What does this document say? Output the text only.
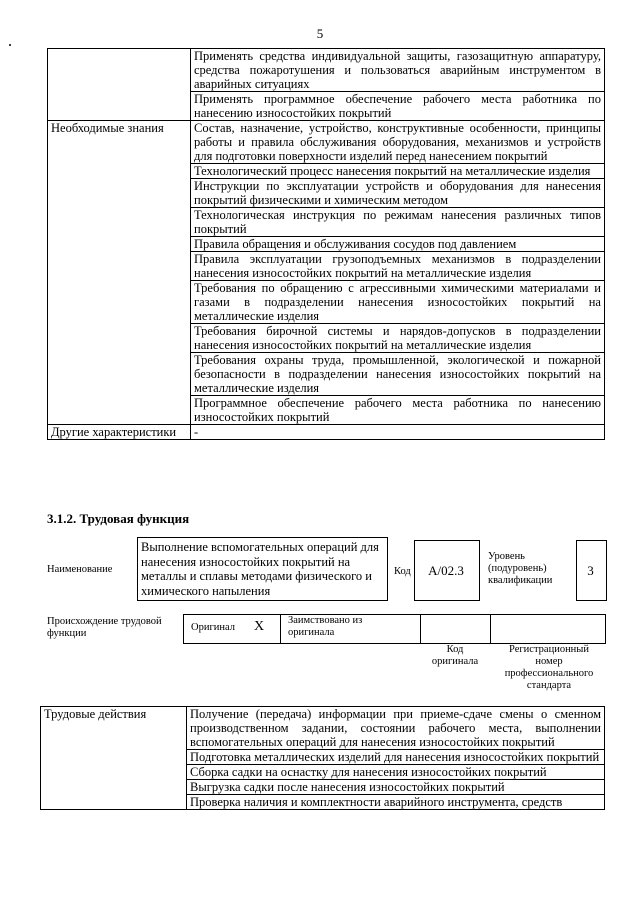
5
	Применять средства индивидуальной защиты, газозащитную аппаратуру, средства пожаротушения и пользоваться аварийным инструментом в аварийных ситуациях
	Применять программное обеспечение рабочего места работника по нанесению износостойких покрытий
Необходимые знания	Состав, назначение, устройство, конструктивные особенности, принципы работы и правила обслуживания оборудования, механизмов и устройств для подготовки поверхности изделий перед нанесением покрытий
	Технологический процесс нанесения покрытий на металлические изделия
	Инструкции по эксплуатации устройств и оборудования для нанесения покрытий физическими и химическим методом
	Технологическая инструкция по режимам нанесения различных типов покрытий
	Правила обращения и обслуживания сосудов под давлением
	Правила эксплуатации грузоподъемных механизмов в подразделении нанесения износостойких покрытий на металлические изделия
	Требования по обращению с агрессивными химическими материалами и газами в подразделении нанесения износостойких покрытий на металлические изделия
	Требования бирочной системы и нарядов-допусков в подразделении нанесения износостойких покрытий на металлические изделия
	Требования охраны труда, промышленной, экологической и пожарной безопасности в подразделении нанесения износостойких покрытий на металлические изделия
	Программное обеспечение рабочего места работника по нанесению износостойких покрытий
Другие характеристики	-
3.1.2. Трудовая функция
Наименование
Выполнение вспомогательных операций для нанесения износостойких покрытий на металлы и сплавы методами физического и химического напыления
Код	А/02.3
Уровень (подуровень) квалификации
3
Происхождение трудовой функции
Оригинал X Заимствовано из оригинала
Код оригинала
Регистрационный номер профессионального стандарта
Трудовые действия	Получение (передача) информации при приеме-сдаче смены о сменном производственном задании, состоянии рабочего места, выполнении вспомогательных операций для нанесения износостойких покрытий
Подготовка металлических изделий для нанесения износостойких покрытий
Сборка садки на оснастку для нанесения износостойких покрытий
Выгрузка садки после нанесения износостойких покрытий
Проверка наличия и комплектности аварийного инструмента, средств
